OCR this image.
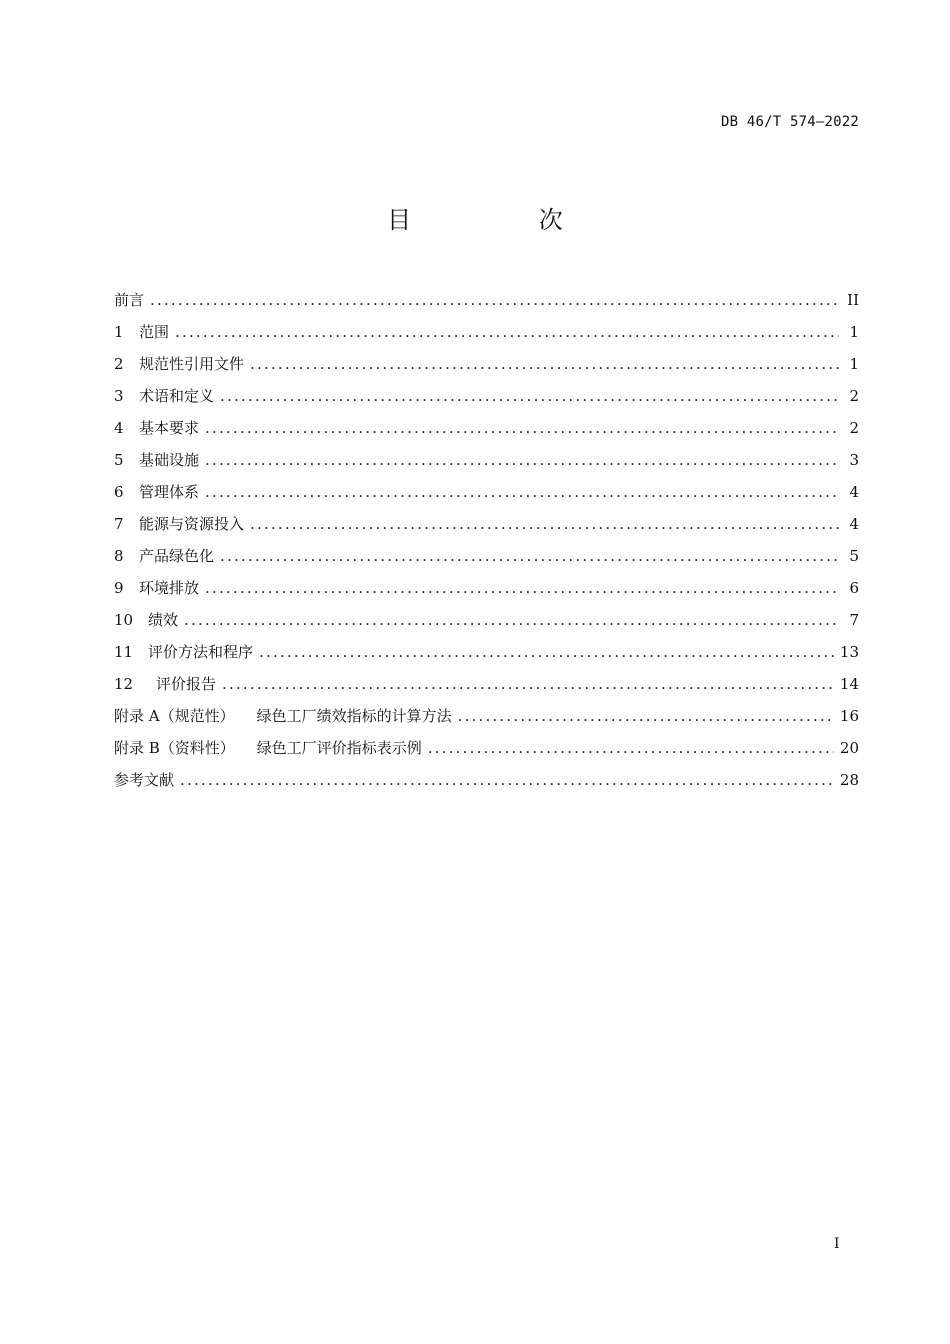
DB 46/T 574—2022
目 次
前言 .....	II
1	范围 .....	1
2	规范性引用文件 .....	1
3	术语和定义 .....	2
4	基本要求 .....	2
5	基础设施 .....	3
6	管理体系 .....	4
7	能源与资源投入 .....	4
8	产品绿色化 .....	5
9	环境排放 .....	6
10 绩效 .....	7
11 评价方法和程序 .....	13
12	评价报告 .....	14
附录 A（规范性）	绿色工厂绩效指标的计算方法 .....	16
附录 B（资料性）	绿色工厂评价指标表示例 .....	20
参考文献 .....	28
I
